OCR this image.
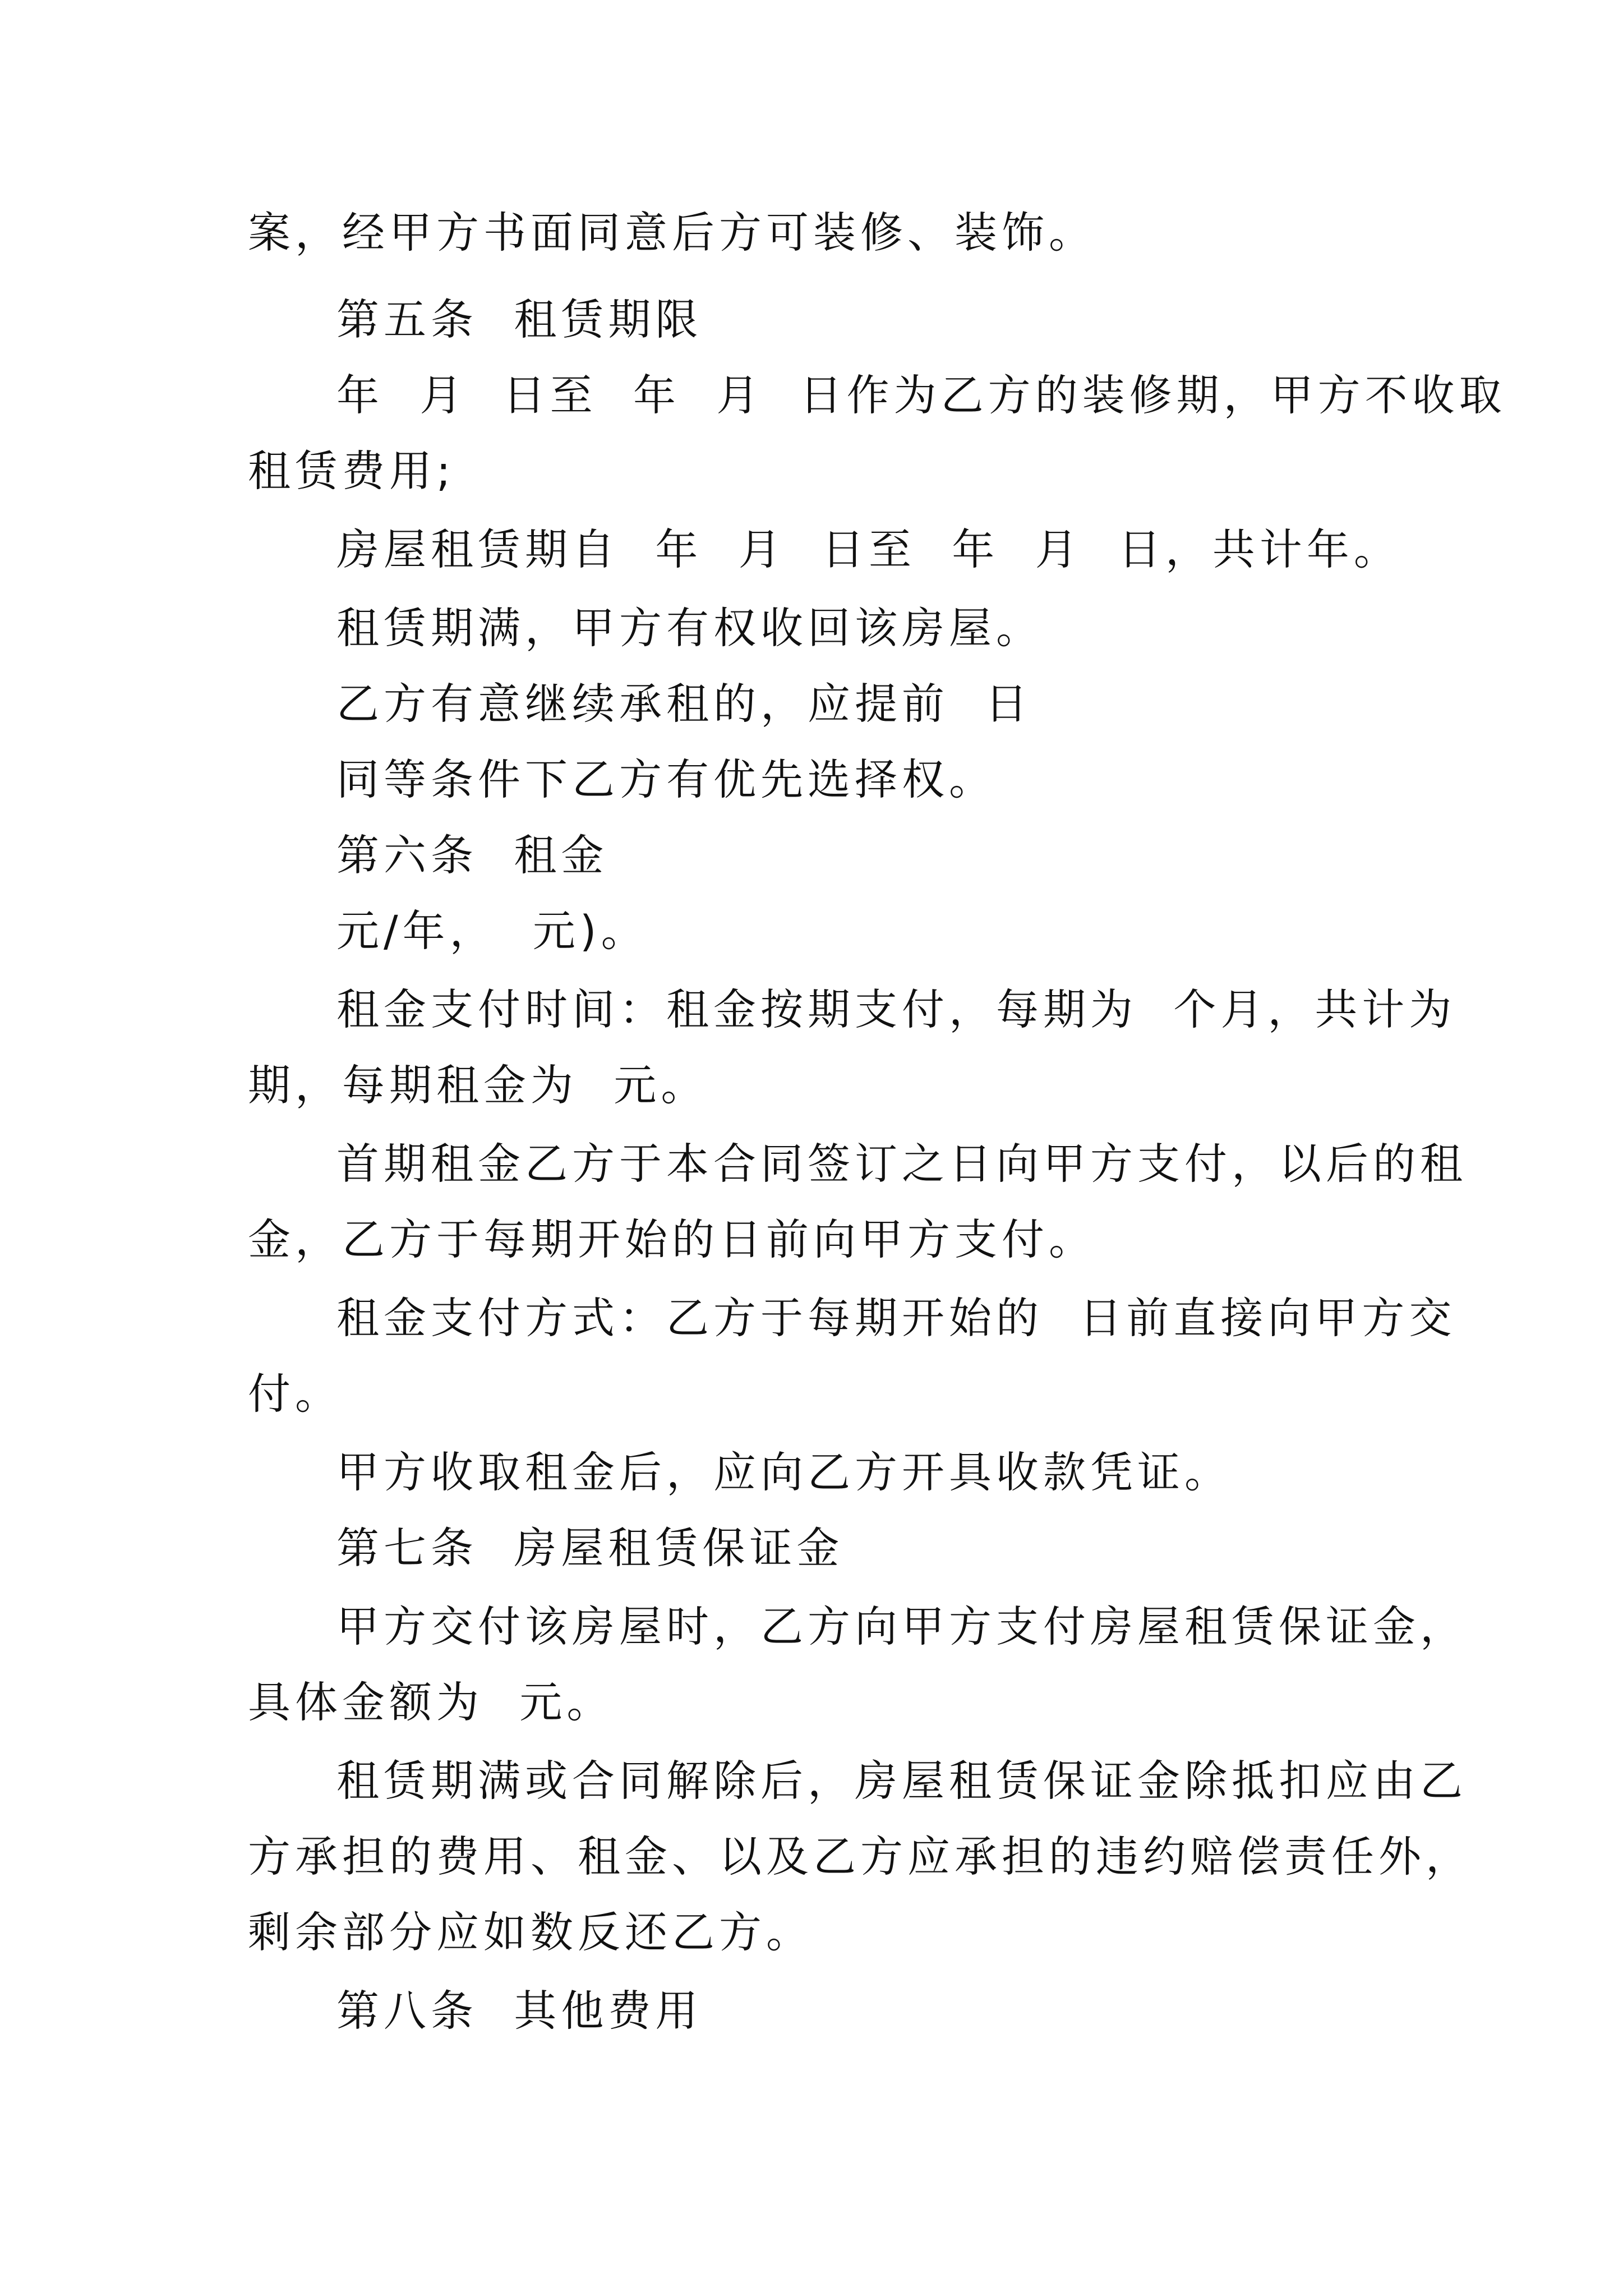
案，经甲方书面同意后方可装修、装饰。

第五条  租赁期限

年  月  日至  年  月  日作为乙方的装修期，甲方不收取

租赁费用;

房屋租赁期自  年  月  日至  年  月  日，共计年。

租赁期满，甲方有权收回该房屋。

乙方有意继续承租的，应提前  日

同等条件下乙方有优先选择权。

第六条  租金

元/年，  元)。

租金支付时间：租金按期支付，每期为  个月，共计为

期，每期租金为  元。

首期租金乙方于本合同签订之日向甲方支付，以后的租

金，乙方于每期开始的日前向甲方支付。

租金支付方式：乙方于每期开始的  日前直接向甲方交

付。

甲方收取租金后，应向乙方开具收款凭证。

第七条  房屋租赁保证金

甲方交付该房屋时，乙方向甲方支付房屋租赁保证金，

具体金额为  元。

租赁期满或合同解除后，房屋租赁保证金除抵扣应由乙

方承担的费用、租金、以及乙方应承担的违约赔偿责任外，

剩余部分应如数反还乙方。

第八条  其他费用
